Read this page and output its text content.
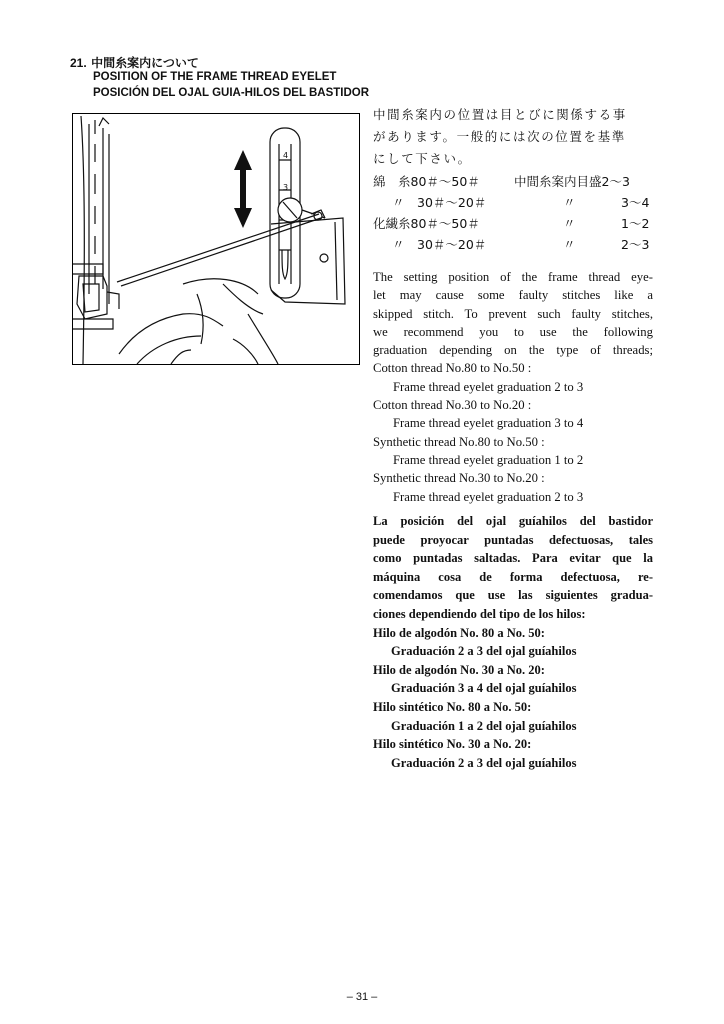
21. 中間糸案内について
POSITION OF THE FRAME THREAD EYELET
POSICIÓN DEL OJAL GUIA-HILOS DEL BASTIDOR
4
3
中間糸案内の位置は目とびに関係する事
があります。一般的には次の位置を基準
にして下さい。
綿　糸80＃～50＃	中間糸案内目盛2～3
〃　30＃～20＃	〃	3～4
化繊糸80＃～50＃	〃	1～2
〃　30＃～20＃	〃	2～3
The setting position of the frame thread eye-
let may cause some faulty stitches like a
skipped stitch. To prevent such faulty stitches,
we recommend you to use the following
graduation depending on the type of threads;
Cotton thread No.80 to No.50 :
Frame thread eyelet graduation 2 to 3
Cotton thread No.30 to No.20 :
Frame thread eyelet graduation 3 to 4
Synthetic thread No.80 to No.50 :
Frame thread eyelet graduation 1 to 2
Synthetic thread No.30 to No.20 :
Frame thread eyelet graduation 2 to 3
La posición del ojal guíahilos del bastidor
puede proyocar puntadas defectuosas, tales
como puntadas saltadas. Para evitar que la
máquina cosa de forma defectuosa, re-
comendamos que use las siguientes gradua-
ciones dependiendo del tipo de los hilos:
Hilo de algodón No. 80 a No. 50:
Graduación 2 a 3 del ojal guíahilos
Hilo de algodón No. 30 a No. 20:
Graduación 3 a 4 del ojal guíahilos
Hilo sintético No. 80 a No. 50:
Graduación 1 a 2 del ojal guíahilos
Hilo sintético No. 30 a No. 20:
Graduación 2 a 3 del ojal guíahilos
– 31 –
